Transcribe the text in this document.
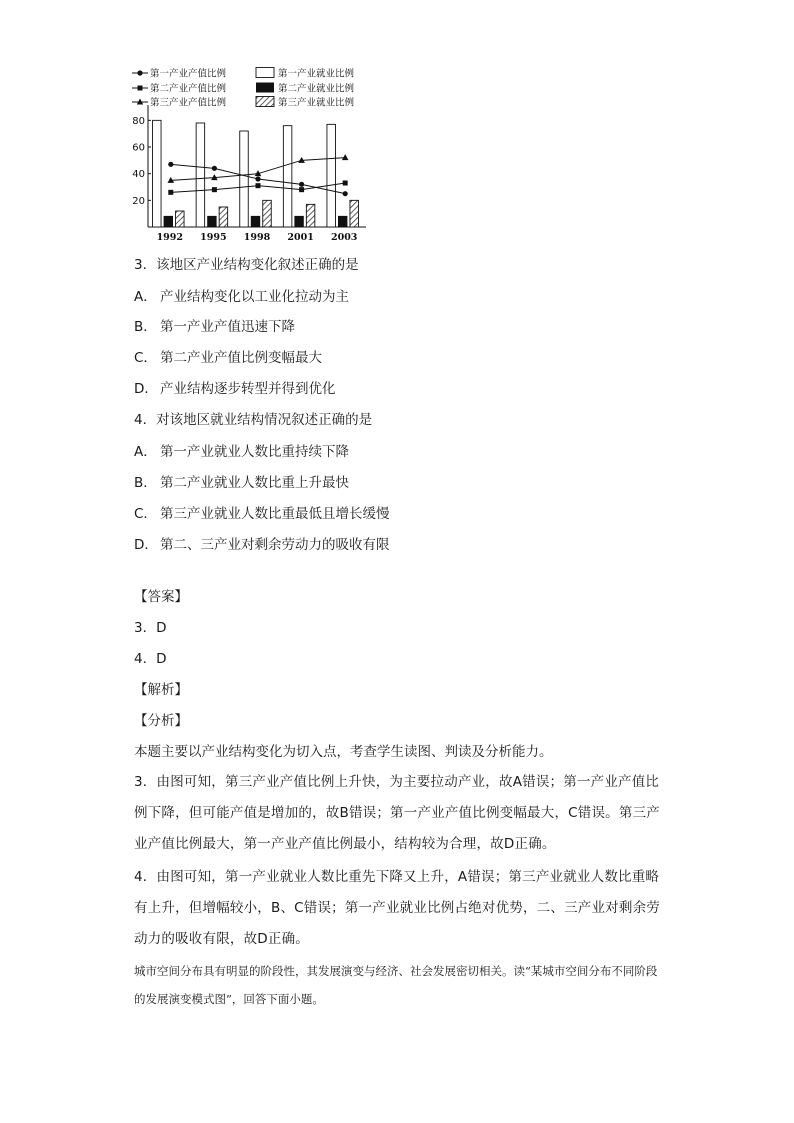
第一产业产值比例	第一产业就业比例
第二产业产值比例	第二产业就业比例
第三产业产值比例	第三产业就业比例
20
40
60
80
1992 1995 1998 2001 2003
3．该地区产业结构变化叙述正确的是
A． 产业结构变化以工业化拉动为主
B． 第一产业产值迅速下降
C． 第二产业产值比例变幅最大
D． 产业结构逐步转型并得到优化
4．对该地区就业结构情况叙述正确的是
A． 第一产业就业人数比重持续下降
B． 第二产业就业人数比重上升最快
C． 第三产业就业人数比重最低且增长缓慢
D． 第二、三产业对剩余劳动力的吸收有限
【答案】
3．D
4．D
【解析】
【分析】
本题主要以产业结构变化为切入点，考查学生读图、判读及分析能力。
3．由图可知，第三产业产值比例上升快，为主要拉动产业，故A错误；第一产业产值比例下降，但可能产值是增加的，故B错误；第一产业产值比例变幅最大，C错误。第三产业产值比例最大，第一产业产值比例最小，结构较为合理，故D正确。
4．由图可知，第一产业就业人数比重先下降又上升，A错误；第三产业就业人数比重略有上升，但增幅较小，B、C错误；第一产业就业比例占绝对优势，二、三产业对剩余劳动力的吸收有限，故D正确。
城市空间分布具有明显的阶段性，其发展演变与经济、社会发展密切相关。读“某城市空间分布不同阶段的发展演变模式图”，回答下面小题。
